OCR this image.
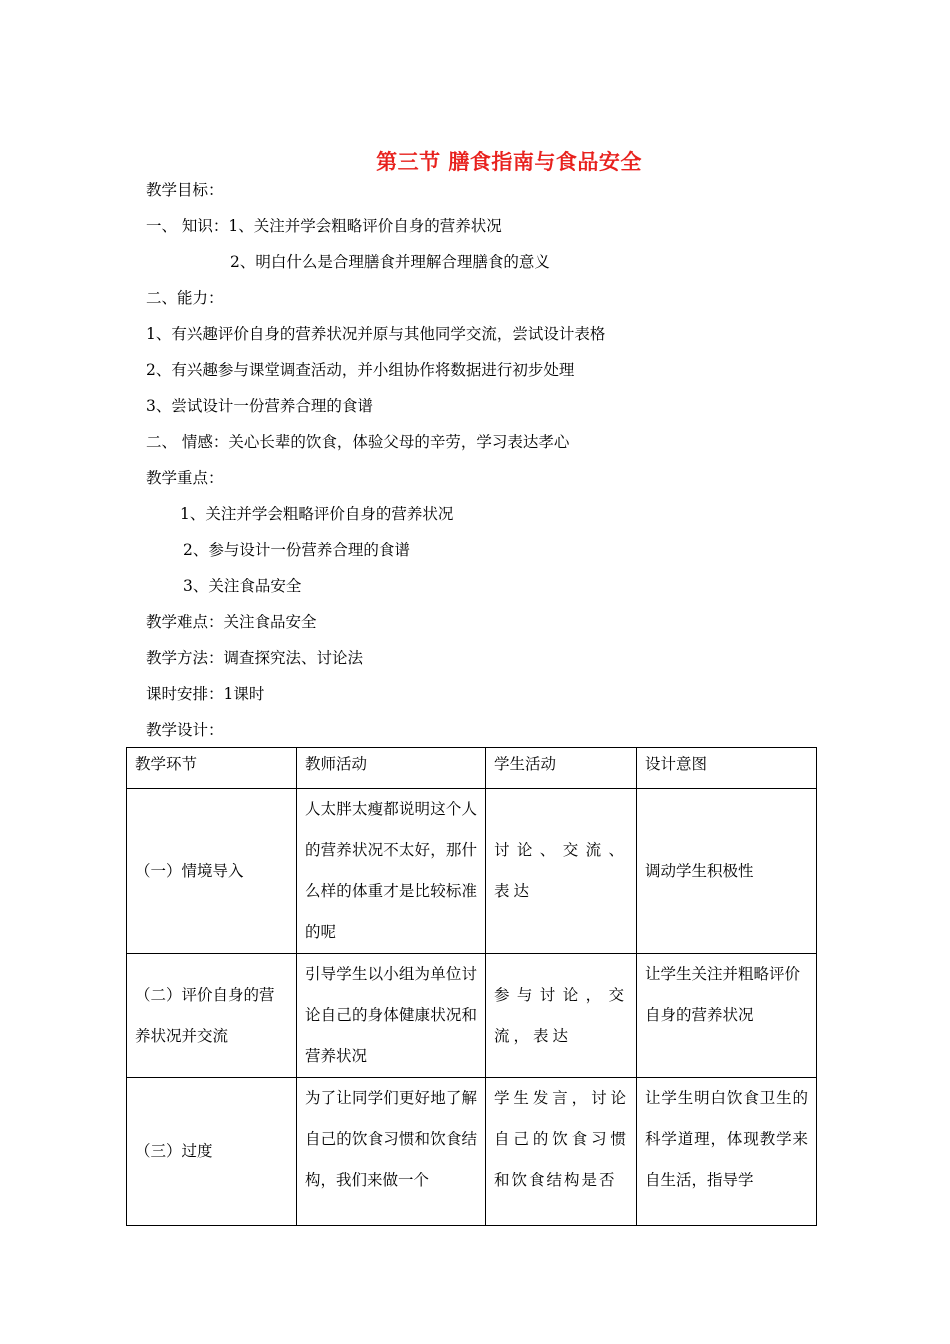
第三节 膳食指南与食品安全
教学目标：
一、 知识：1、关注并学会粗略评价自身的营养状况
2、明白什么是合理膳食并理解合理膳食的意义
二、能力：
1、有兴趣评价自身的营养状况并原与其他同学交流，尝试设计表格
2、有兴趣参与课堂调查活动，并小组协作将数据进行初步处理
3、尝试设计一份营养合理的食谱
二、 情感：关心长辈的饮食，体验父母的辛劳，学习表达孝心
教学重点：
1、关注并学会粗略评价自身的营养状况
2、参与设计一份营养合理的食谱
3、关注食品安全
教学难点：关注食品安全
教学方法：调查探究法、讨论法
课时安排：1课时
教学设计：
教学环节	教师活动	学生活动	设计意图
（一）情境导入	人太胖太瘦都说明这个人的营养状况不太好，那什么样的体重才是比较标准的呢	讨论、交流、表达	调动学生积极性
（二）评价自身的营养状况并交流	引导学生以小组为单位讨论自己的身体健康状况和营养状况	参与讨论，交流，表达	让学生关注并粗略评价自身的营养状况
（三）过度	为了让同学们更好地了解自己的饮食习惯和饮食结构，我们来做一个	学生发言，讨论自己的饮食习惯和饮食结构是否	让学生明白饮食卫生的科学道理，体现教学来自生活，指导学
